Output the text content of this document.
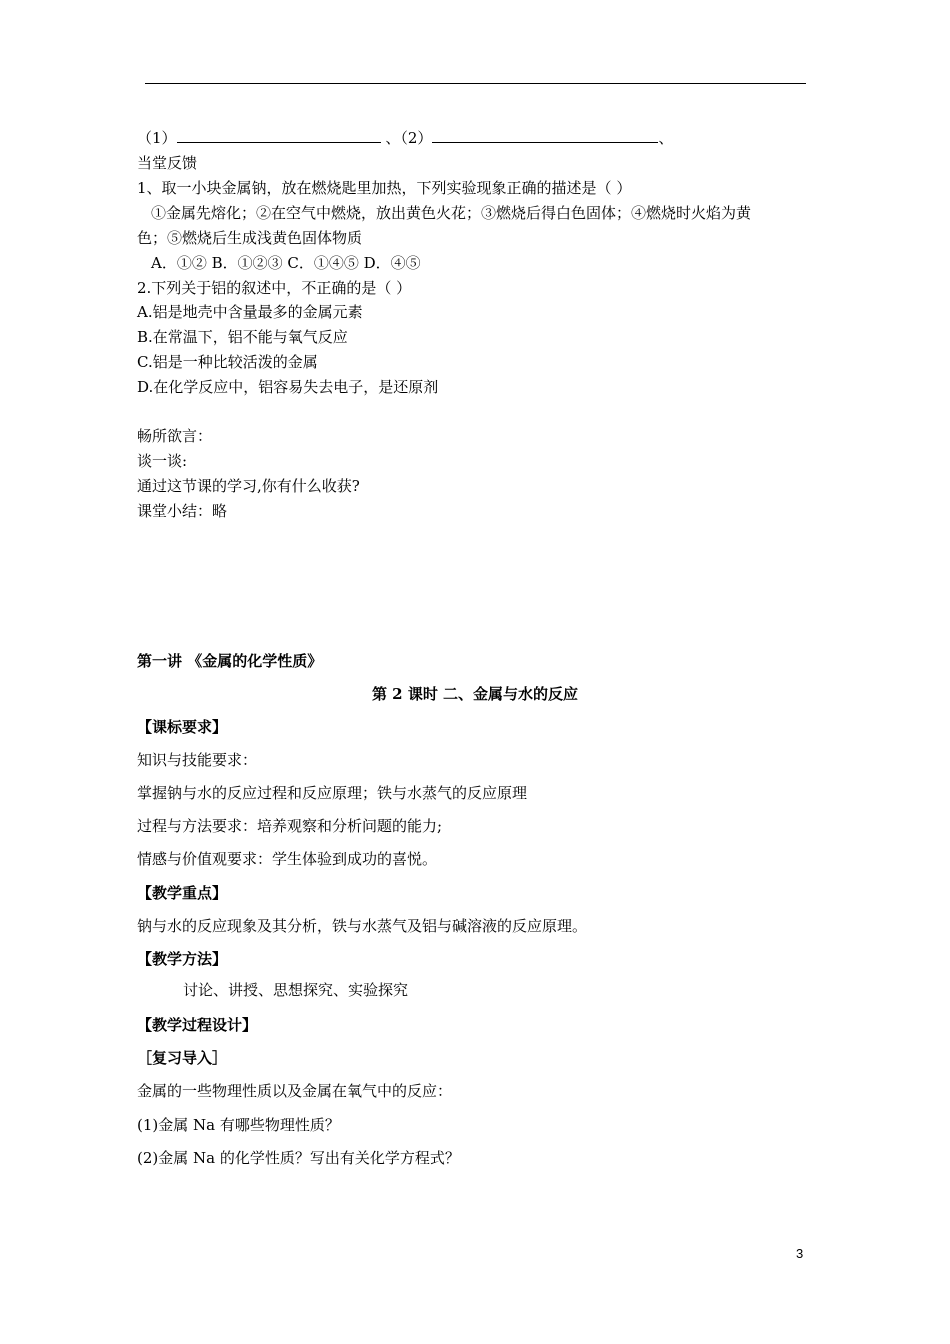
（1）	、（2）	、
当堂反馈
1、取一小块金属钠，放在燃烧匙里加热，下列实验现象正确的描述是（ ）
①金属先熔化；②在空气中燃烧，放出黄色火花；③燃烧后得白色固体；④燃烧时火焰为黄
色；⑤燃烧后生成浅黄色固体物质
A．①② B．①②③ C．①④⑤ D．④⑤
2.下列关于铝的叙述中，不正确的是（ ）
A.铝是地壳中含量最多的金属元素
B.在常温下，铝不能与氧气反应
C.铝是一种比较活泼的金属
D.在化学反应中，铝容易失去电子，是还原剂
畅所欲言：
谈一谈:
通过这节课的学习,你有什么收获?
课堂小结：略
第一讲 《金属的化学性质》
第 2 课时 二、金属与水的反应
【课标要求】
知识与技能要求：
掌握钠与水的反应过程和反应原理；铁与水蒸气的反应原理
过程与方法要求：培养观察和分析问题的能力;
情感与价值观要求：学生体验到成功的喜悦。
【教学重点】
钠与水的反应现象及其分析，铁与水蒸气及铝与碱溶液的反应原理。
【教学方法】
讨论、讲授、思想探究、实验探究
【教学过程设计】
［复习导入］
金属的一些物理性质以及金属在氧气中的反应：
(1)金属 Na 有哪些物理性质？
(2)金属 Na 的化学性质？写出有关化学方程式？
3
